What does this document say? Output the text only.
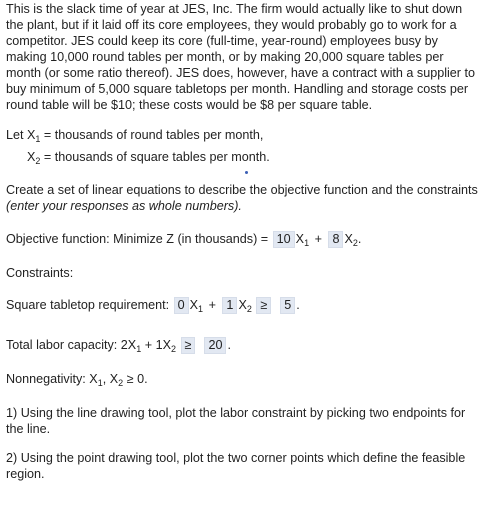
This is the slack time of year at JES, Inc. The firm would actually like to shut down the plant, but if it laid off its core employees, they would probably go to work for a competitor. JES could keep its core (full-time, year-round) employees busy by making 10,000 round tables per month, or by making 20,000 square tables per month (or some ratio thereof). JES does, however, have a contract with a supplier to buy minimum of 5,000 square tabletops per month. Handling and storage costs per round table will be $10; these costs would be $8 per square table.

Let $X_1$ = thousands of round tables per month,

$X_2$ = thousands of square tables per month.

Create a set of linear equations to describe the objective function and the constraints (enter your responses as whole numbers).

Objective function: Minimize Z (in thousands) = 10 $X_1 + 8$ $X_2$.

Constraints:

Square tabletop requirement: 0 $X_1 + 1$ $X_2 \ge 5$ .

Total labor capacity: $2X_1 + 1X_2 \ge 20$ .

Nonnegativity: $X_1$, $X_2 \ge 0$.

1) Using the line drawing tool, plot the labor constraint by picking two endpoints for the line.

2) Using the point drawing tool, plot the two corner points which define the feasible region.
